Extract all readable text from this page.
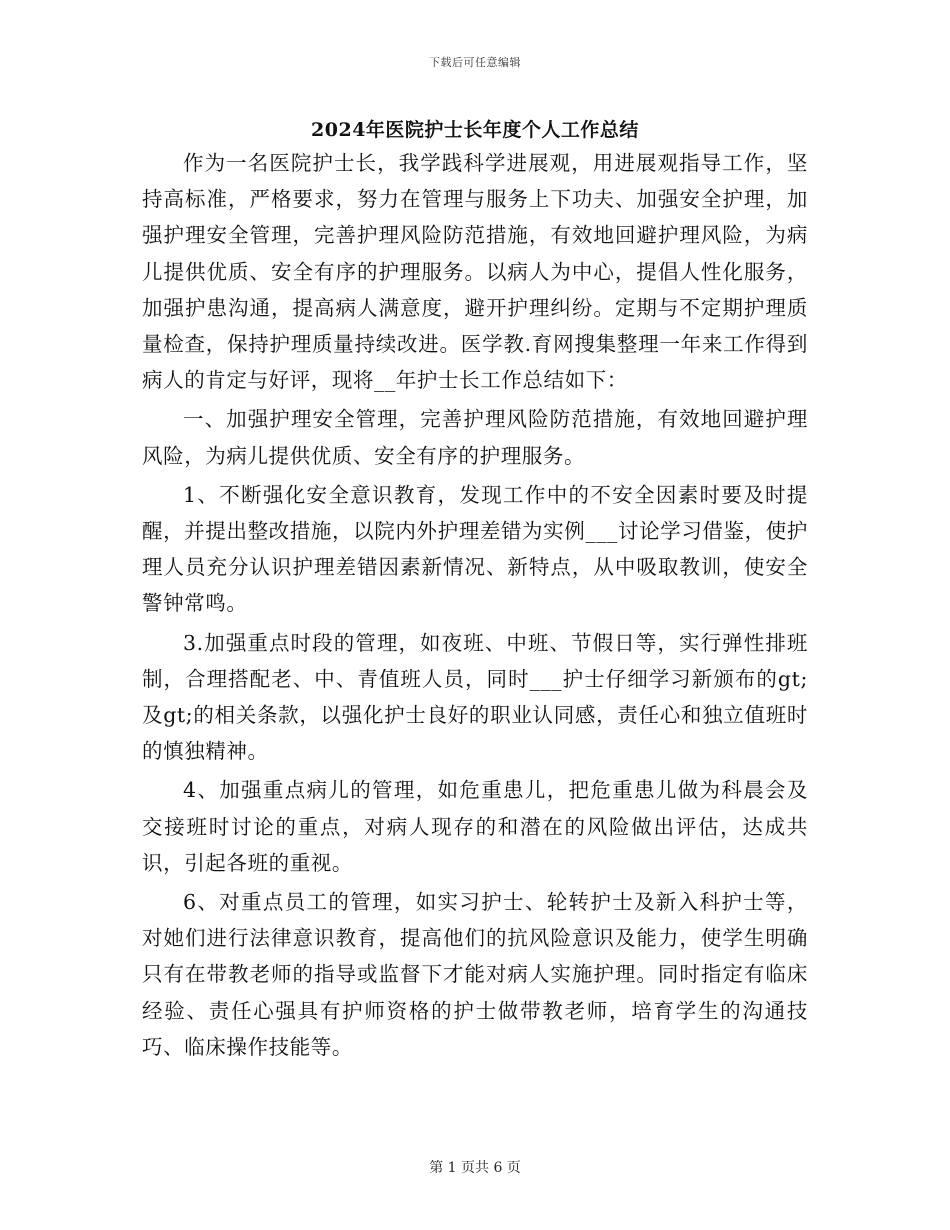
下载后可任意编辑
2024年医院护士长年度个人工作总结

作为一名医院护士长，我学践科学进展观，用进展观指导工作，坚持高标准，严格要求，努力在管理与服务上下功夫、加强安全护理，加强护理安全管理，完善护理风险防范措施，有效地回避护理风险，为病儿提供优质、安全有序的护理服务。以病人为中心，提倡人性化服务，加强护患沟通，提高病人满意度，避开护理纠纷。定期与不定期护理质量检查，保持护理质量持续改进。医学教.育网搜集整理一年来工作得到病人的肯定与好评，现将__年护士长工作总结如下：

一、加强护理安全管理，完善护理风险防范措施，有效地回避护理风险，为病儿提供优质、安全有序的护理服务。

1、不断强化安全意识教育，发现工作中的不安全因素时要及时提醒，并提出整改措施，以院内外护理差错为实例___讨论学习借鉴，使护理人员充分认识护理差错因素新情况、新特点，从中吸取教训，使安全警钟常鸣。

3.加强重点时段的管理，如夜班、中班、节假日等，实行弹性排班制，合理搭配老、中、青值班人员，同时___护士仔细学习新颁布的gt;及gt;的相关条款，以强化护士良好的职业认同感，责任心和独立值班时的慎独精神。

4、加强重点病儿的管理，如危重患儿，把危重患儿做为科晨会及交接班时讨论的重点，对病人现存的和潜在的风险做出评估，达成共识，引起各班的重视。

6、对重点员工的管理，如实习护士、轮转护士及新入科护士等，对她们进行法律意识教育，提高他们的抗风险意识及能力，使学生明确只有在带教老师的指导或监督下才能对病人实施护理。同时指定有临床经验、责任心强具有护师资格的护士做带教老师，培育学生的沟通技巧、临床操作技能等。

第 1 页共 6 页
